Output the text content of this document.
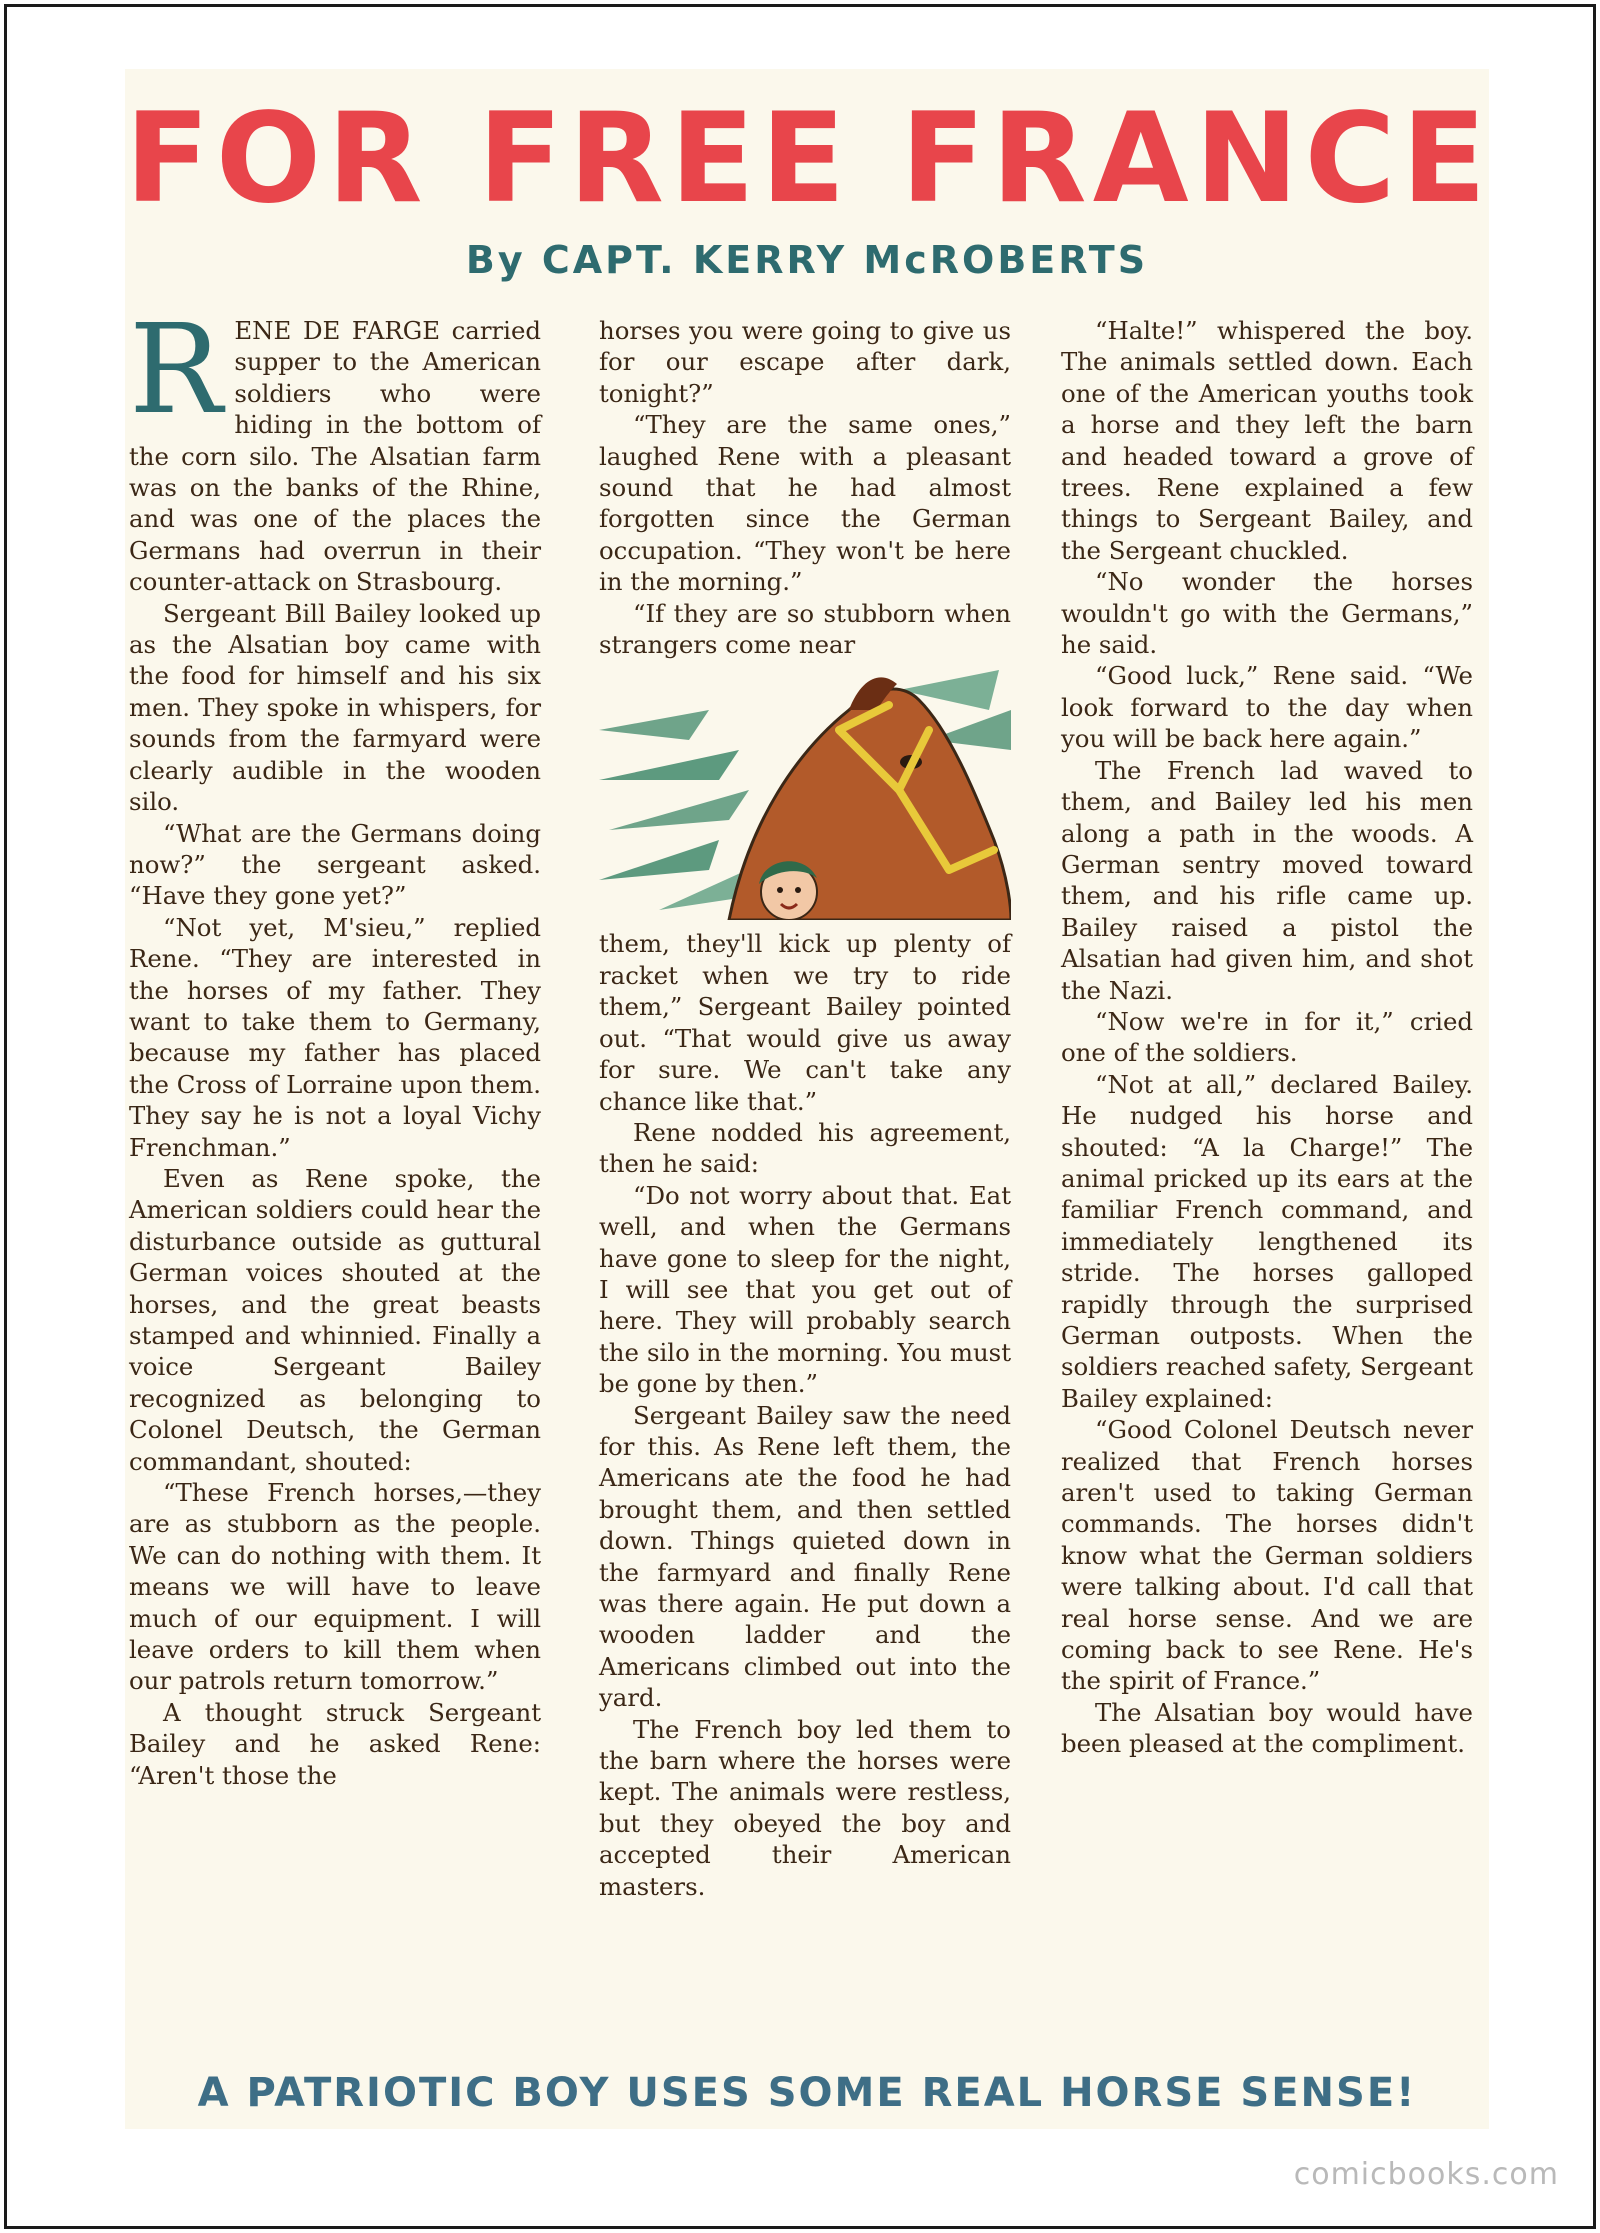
FOR FREE FRANCE
By CAPT. KERRY McROBERTS
R ENE DE FARGE carried supper to the American soldiers who were hiding in the bottom of the corn silo. The Alsatian farm was on the banks of the Rhine, and was one of the places the Germans had overrun in their counter-attack on Strasbourg.

Sergeant Bill Bailey looked up as the Alsatian boy came with the food for himself and his six men. They spoke in whispers, for sounds from the farmyard were clearly audible in the wooden silo.

“What are the Germans doing now?” the sergeant asked. “Have they gone yet?”

“Not yet, M'sieu,” replied Rene. “They are interested in the horses of my father. They want to take them to Germany, because my father has placed the Cross of Lorraine upon them. They say he is not a loyal Vichy Frenchman.”

Even as Rene spoke, the American soldiers could hear the disturbance outside as guttural German voices shouted at the horses, and the great beasts stamped and whinnied. Finally a voice Sergeant Bailey recognized as belonging to Colonel Deutsch, the German commandant, shouted:

“These French horses,—they are as stubborn as the people. We can do nothing with them. It means we will have to leave much of our equipment. I will leave orders to kill them when our patrols return tomorrow.”

A thought struck Sergeant Bailey and he asked Rene: “Aren't those the

horses you were going to give us for our escape after dark, tonight?”

“They are the same ones,” laughed Rene with a pleasant sound that he had almost forgotten since the German occupation. “They won't be here in the morning.”

“If they are so stubborn when strangers come near

them, they'll kick up plenty of racket when we try to ride them,” Sergeant Bailey pointed out. “That would give us away for sure. We can't take any chance like that.”

Rene nodded his agreement, then he said:

“Do not worry about that. Eat well, and when the Germans have gone to sleep for the night, I will see that you get out of here. They will probably search the silo in the morning. You must be gone by then.”

Sergeant Bailey saw the need for this. As Rene left them, the Americans ate the food he had brought them, and then settled down. Things quieted down in the farmyard and finally Rene was there again. He put down a wooden ladder and the Americans climbed out into the yard.

The French boy led them to the barn where the horses were kept. The animals were restless, but they obeyed the boy and accepted their American masters.

“Halte!” whispered the boy. The animals settled down. Each one of the American youths took a horse and they left the barn and headed toward a grove of trees. Rene explained a few things to Sergeant Bailey, and the Sergeant chuckled.

“No wonder the horses wouldn't go with the Germans,” he said.

“Good luck,” Rene said. “We look forward to the day when you will be back here again.”

The French lad waved to them, and Bailey led his men along a path in the woods. A German sentry moved toward them, and his rifle came up. Bailey raised a pistol the Alsatian had given him, and shot the Nazi.

“Now we're in for it,” cried one of the soldiers.

“Not at all,” declared Bailey. He nudged his horse and shouted: “A la Charge!” The animal pricked up its ears at the familiar French command, and immediately lengthened its stride. The horses galloped rapidly through the surprised German outposts. When the soldiers reached safety, Sergeant Bailey explained:

“Good Colonel Deutsch never realized that French horses aren't used to taking German commands. The horses didn't know what the German soldiers were talking about. I'd call that real horse sense. And we are coming back to see Rene. He's the spirit of France.”

The Alsatian boy would have been pleased at the compliment.

A PATRIOTIC BOY USES SOME REAL HORSE SENSE!
comicbooks.com
